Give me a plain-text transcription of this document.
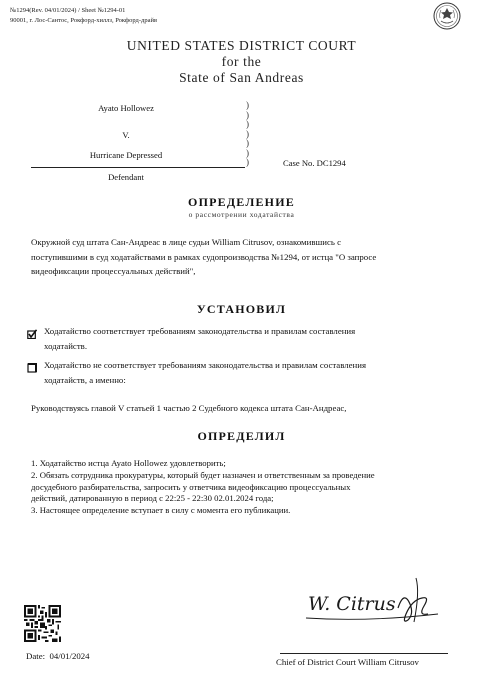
№1294(Rev. 04/01/2024) / Sheet №1294-01
90001, г. Лос-Сантос, Рокфорд-хиллз, Рокфорд-драйв
UNITED STATES DISTRICT COURT
for the
State of San Andreas
Ayato Hollowez
V.
Hurricane Depressed
Defendant
)
)
)
)
)
)
)	Case No. DC1294
ОПРЕДЕЛЕНИЕ
о рассмотрении ходатайства
Окружной суд штата Сан-Андреас в лице судьи William Citrusov, ознакомившись с
поступившими в суд ходатайствами в рамках судопроизводства №1294, от истца "О запросе
видеофиксации процессуальных действий",
УСТАНОВИЛ
Ходатайство соответствует требованиям законодательства и правилам составления
ходатайств.
Ходатайство не соответствует требованиям законодательства и правилам составления
ходатайств, а именно:
Руководствуясь главой V статьей 1 частью 2 Судебного кодекса штата Сан-Андреас,
ОПРЕДЕЛИЛ
1. Ходатайство истца Ayato Hollowez удовлетворить;
2. Обязать сотрудника прокуратуры, который будет назначен и ответственным за проведение
досудебного разбирательства, запросить у ответчика видеофиксацию процессуальных
действий, датированную в период с 22:25 - 22:30 02.01.2024 года;
3. Настоящее определение вступает в силу с момента его публикации.
W. Citrus
Date: 04/01/2024
Chief of District Court William Citrusov
